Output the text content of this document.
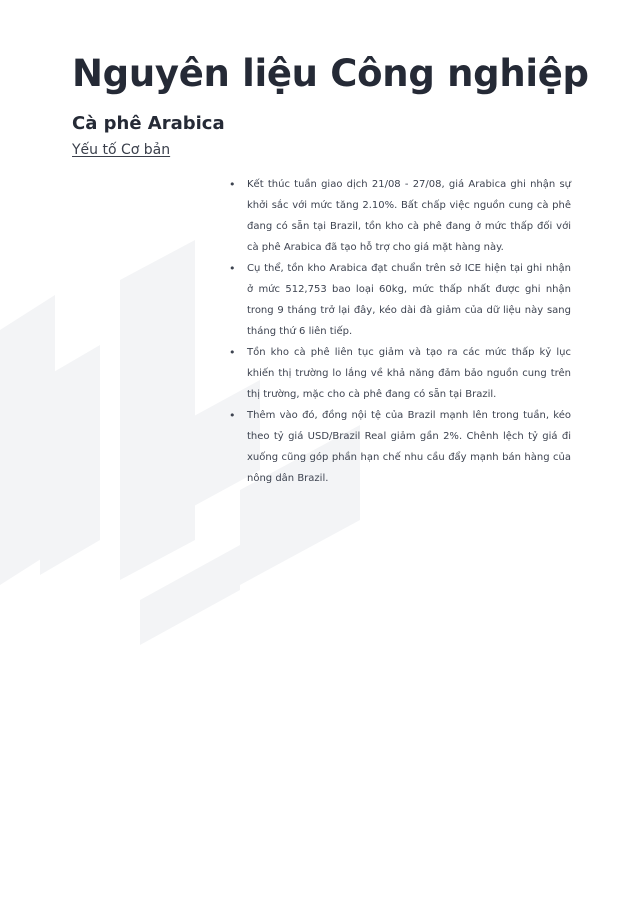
Nguyên liệu Công nghiệp
Cà phê Arabica
Yếu tố Cơ bản
• Kết thúc tuần giao dịch 21/08 - 27/08, giá Arabica ghi nhận sự khởi sắc với mức tăng 2.10%. Bất chấp việc nguồn cung cà phê đang có sẵn tại Brazil, tồn kho cà phê đang ở mức thấp đối với cà phê Arabica đã tạo hỗ trợ cho giá mặt hàng này.
• Cụ thể, tồn kho Arabica đạt chuẩn trên sở ICE hiện tại ghi nhận ở mức 512,753 bao loại 60kg, mức thấp nhất được ghi nhận trong 9 tháng trở lại đây, kéo dài đà giảm của dữ liệu này sang tháng thứ 6 liên tiếp.
• Tồn kho cà phê liên tục giảm và tạo ra các mức thấp kỷ lục khiến thị trường lo lắng về khả năng đảm bảo nguồn cung trên thị trường, mặc cho cà phê đang có sẵn tại Brazil.
• Thêm vào đó, đồng nội tệ của Brazil mạnh lên trong tuần, kéo theo tỷ giá USD/Brazil Real giảm gần 2%. Chênh lệch tỷ giá đi xuống cũng góp phần hạn chế nhu cầu đẩy mạnh bán hàng của nông dân Brazil.
